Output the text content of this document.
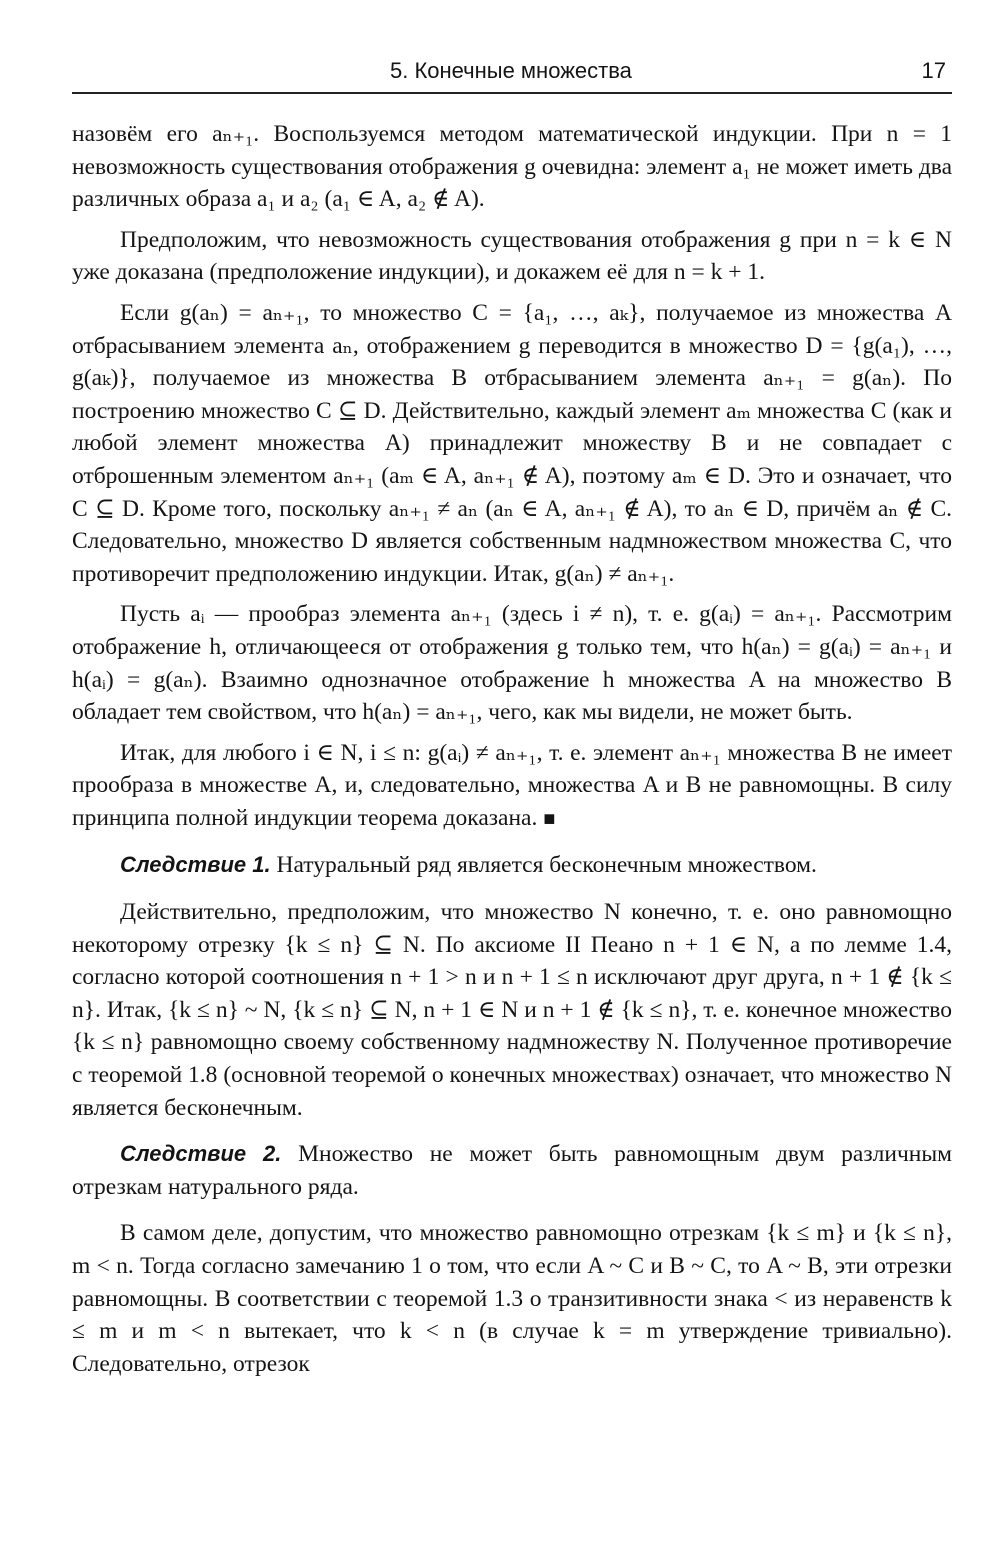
5. Конечные множества	17

назовём его aₙ₊₁. Воспользуемся методом математической индукции. При n = 1 невозможность существования отображения g очевидна: элемент a₁ не может иметь два различных образа a₁ и a₂ (a₁ ∈ A, a₂ ∉ A).

Предположим, что невозможность существования отображения g при n = k ∈ N уже доказана (предположение индукции), и докажем её для n = k + 1.

Если g(aₙ) = aₙ₊₁, то множество C = {a₁, …, aₖ}, получаемое из множества A отбрасыванием элемента aₙ, отображением g переводится в множество D = {g(a₁), …, g(aₖ)}, получаемое из множества B отбрасыванием элемента aₙ₊₁ = g(aₙ). По построению множество C ⊆ D. Действительно, каждый элемент aₘ множества C (как и любой элемент множества A) принадлежит множеству B и не совпадает с отброшенным элементом aₙ₊₁ (aₘ ∈ A, aₙ₊₁ ∉ A), поэтому aₘ ∈ D. Это и означает, что C ⊆ D. Кроме того, поскольку aₙ₊₁ ≠ aₙ (aₙ ∈ A, aₙ₊₁ ∉ A), то aₙ ∈ D, причём aₙ ∉ C. Следовательно, множество D является собственным надмножеством множества C, что противоречит предположению индукции. Итак, g(aₙ) ≠ aₙ₊₁.

Пусть aᵢ — прообраз элемента aₙ₊₁ (здесь i ≠ n), т. е. g(aᵢ) = aₙ₊₁. Рассмотрим отображение h, отличающееся от отображения g только тем, что h(aₙ) = g(aᵢ) = aₙ₊₁ и h(aᵢ) = g(aₙ). Взаимно однозначное отображение h множества A на множество B обладает тем свойством, что h(aₙ) = aₙ₊₁, чего, как мы видели, не может быть.

Итак, для любого i ∈ N, i ≤ n: g(aᵢ) ≠ aₙ₊₁, т. е. элемент aₙ₊₁ множества B не имеет прообраза в множестве A, и, следовательно, множества A и B не равномощны. В силу принципа полной индукции теорема доказана. ■

Следствие 1. Натуральный ряд является бесконечным множеством.

Действительно, предположим, что множество N конечно, т. е. оно равномощно некоторому отрезку {k ≤ n} ⊆ N. По аксиоме II Пеано n + 1 ∈ N, а по лемме 1.4, согласно которой соотношения n + 1 > n и n + 1 ≤ n исключают друг друга, n + 1 ∉ {k ≤ n}. Итак, {k ≤ n} ~ N, {k ≤ n} ⊆ N, n + 1 ∈ N и n + 1 ∉ {k ≤ n}, т. е. конечное множество {k ≤ n} равномощно своему собственному надмножеству N. Полученное противоречие с теоремой 1.8 (основной теоремой о конечных множествах) означает, что множество N является бесконечным.

Следствие 2. Множество не может быть равномощным двум различным отрезкам натурального ряда.

В самом деле, допустим, что множество равномощно отрезкам {k ≤ m} и {k ≤ n}, m < n. Тогда согласно замечанию 1 о том, что если A ~ C и B ~ C, то A ~ B, эти отрезки равномощны. В соответствии с теоремой 1.3 о транзитивности знака < из неравенств k ≤ m и m < n вытекает, что k < n (в случае k = m утверждение тривиально). Следовательно, отрезок
